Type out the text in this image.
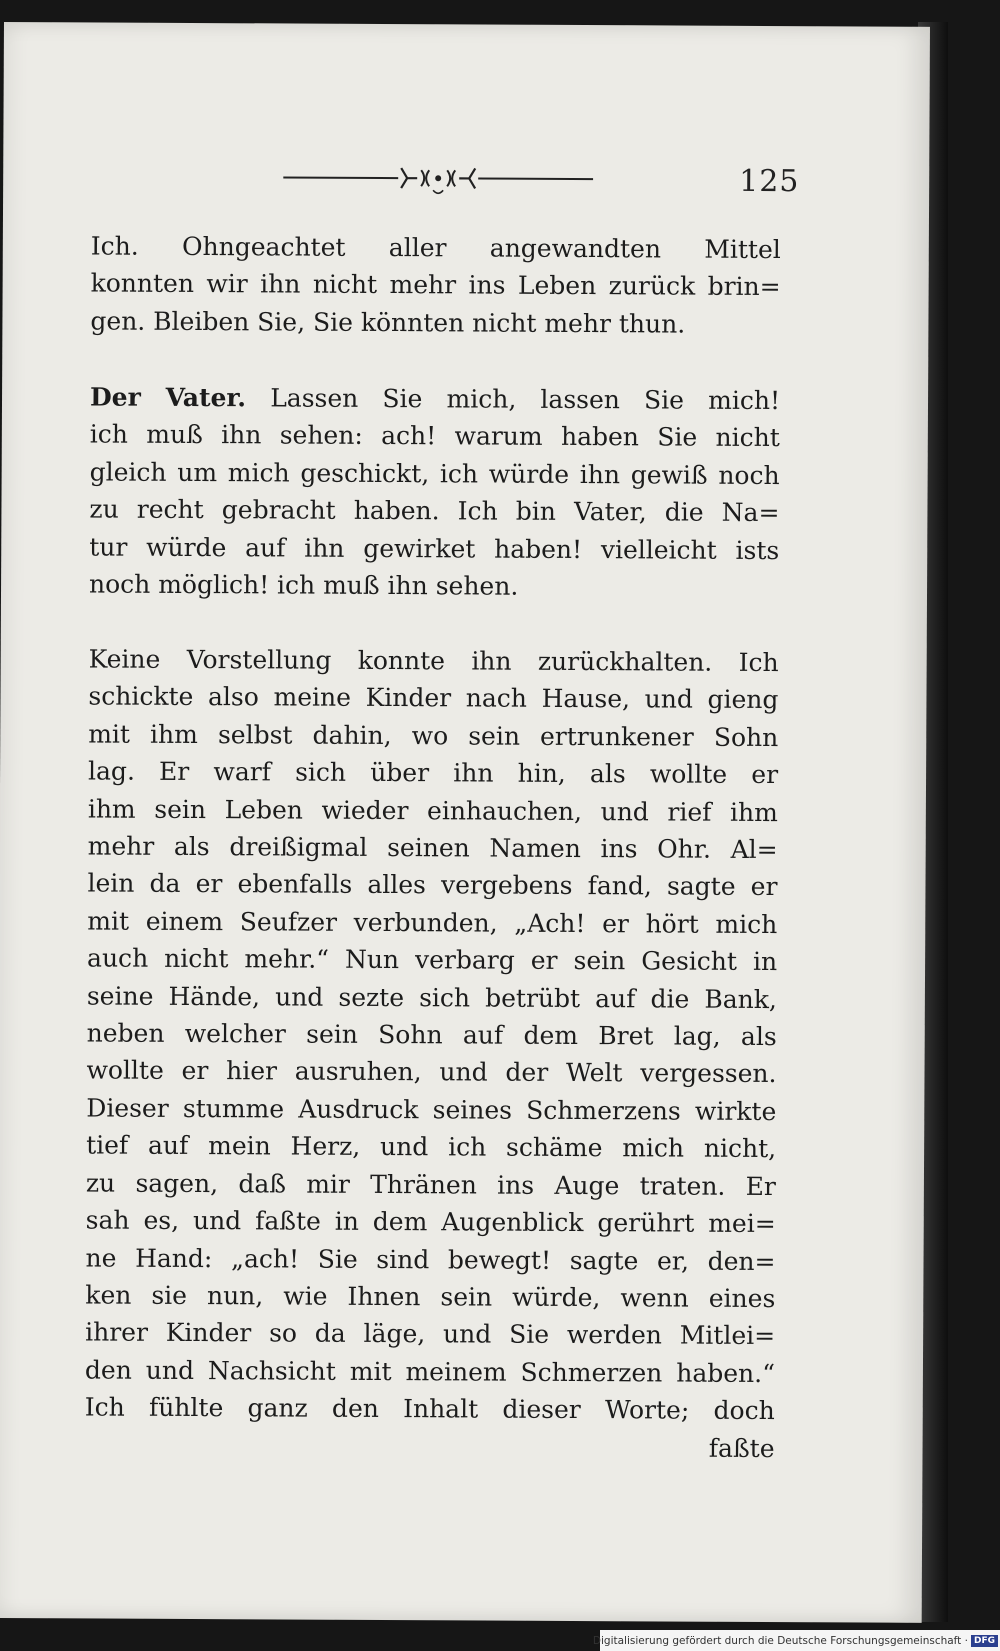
125
Ich. Ohngeachtet aller angewandten Mittel
konnten wir ihn nicht mehr ins Leben zurück brin=
gen. Bleiben Sie, Sie könnten nicht mehr thun.
Der Vater. Lassen Sie mich, lassen Sie mich!
ich muß ihn sehen: ach! warum haben Sie nicht
gleich um mich geschickt, ich würde ihn gewiß noch
zu recht gebracht haben. Ich bin Vater, die Na=
tur würde auf ihn gewirket haben! vielleicht ists
noch möglich! ich muß ihn sehen.
Keine Vorstellung konnte ihn zurückhalten. Ich
schickte also meine Kinder nach Hause, und gieng
mit ihm selbst dahin, wo sein ertrunkener Sohn
lag. Er warf sich über ihn hin, als wollte er
ihm sein Leben wieder einhauchen, und rief ihm
mehr als dreißigmal seinen Namen ins Ohr. Al=
lein da er ebenfalls alles vergebens fand, sagte er
mit einem Seufzer verbunden, „Ach! er hört mich
auch nicht mehr.“ Nun verbarg er sein Gesicht in
seine Hände, und sezte sich betrübt auf die Bank,
neben welcher sein Sohn auf dem Bret lag, als
wollte er hier ausruhen, und der Welt vergessen.
Dieser stumme Ausdruck seines Schmerzens wirkte
tief auf mein Herz, und ich schäme mich nicht,
zu sagen, daß mir Thränen ins Auge traten. Er
sah es, und faßte in dem Augenblick gerührt mei=
ne Hand: „ach! Sie sind bewegt! sagte er, den=
ken sie nun, wie Ihnen sein würde, wenn eines
ihrer Kinder so da läge, und Sie werden Mitlei=
den und Nachsicht mit meinem Schmerzen haben.“
Ich fühlte ganz den Inhalt dieser Worte; doch
faßte
Digitalisierung gefördert durch die Deutsche Forschungsgemeinschaft · DFG
